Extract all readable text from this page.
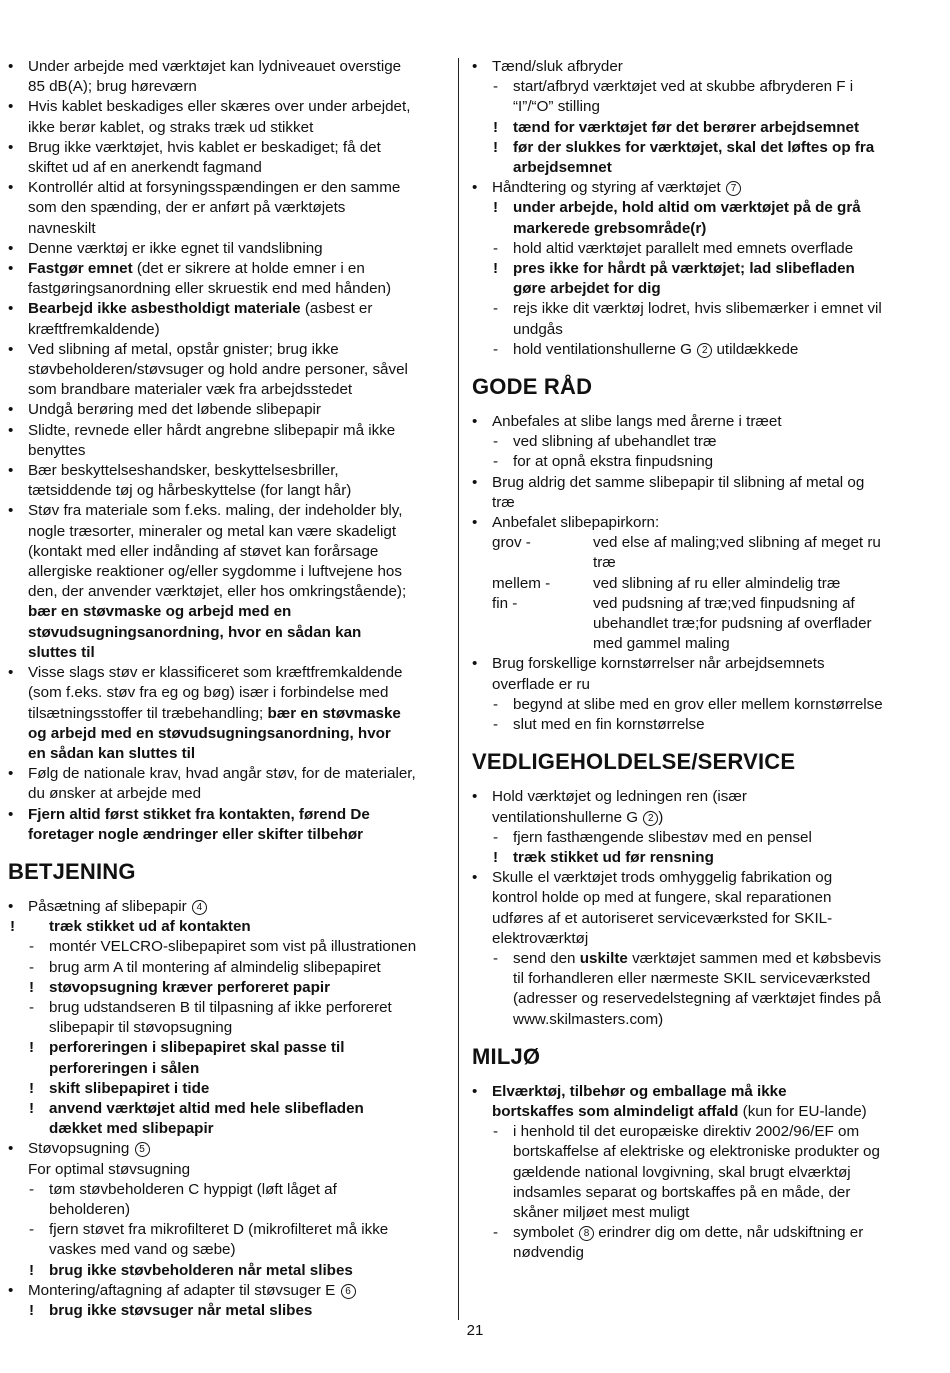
• Under arbejde med værktøjet kan lydniveauet overstige
85 dB(A); brug høreværn
• Hvis kablet beskadiges eller skæres over under arbejdet,
ikke berør kablet, og straks træk ud stikket
• Brug ikke værktøjet, hvis kablet er beskadiget; få det
skiftet ud af en anerkendt fagmand
• Kontrollér altid at forsyningsspændingen er den samme
som den spænding, der er anført på værktøjets
navneskilt
• Denne værktøj er ikke egnet til vandslibning
• Fastgør emnet (det er sikrere at holde emner i en
fastgøringsanordning eller skruestik end med hånden)
• Bearbejd ikke asbestholdigt materiale (asbest er
kræftfremkaldende)
• Ved slibning af metal, opstår gnister; brug ikke
støvbeholderen/støvsuger og hold andre personer, såvel
som brandbare materialer væk fra arbejdsstedet
• Undgå berøring med det løbende slibepapir
• Slidte, revnede eller hårdt angrebne slibepapir må ikke
benyttes
• Bær beskyttelseshandsker, beskyttelsesbriller,
tætsiddende tøj og hårbeskyttelse (for langt hår)
• Støv fra materiale som f.eks. maling, der indeholder bly,
nogle træsorter, mineraler og metal kan være skadeligt
(kontakt med eller indånding af støvet kan forårsage
allergiske reaktioner og/eller sygdomme i luftvejene hos
den, der anvender værktøjet, eller hos omkringstående);
bær en støvmaske og arbejd med en
støvudsugningsanordning, hvor en sådan kan
sluttes til
• Visse slags støv er klassificeret som kræftfremkaldende
(som f.eks. støv fra eg og bøg) især i forbindelse med
tilsætningsstoffer til træbehandling; bær en støvmaske
og arbejd med en støvudsugningsanordning, hvor
en sådan kan sluttes til
• Følg de nationale krav, hvad angår støv, for de materialer,
du ønsker at arbejde med
• Fjern altid først stikket fra kontakten, førend De
foretager nogle ændringer eller skifter tilbehør
BETJENING
• Påsætning af slibepapir 4
! træk stikket ud af kontakten
- montér VELCRO-slibepapiret som vist på illustrationen
- brug arm A til montering af almindelig slibepapiret
! støvopsugning kræver perforeret papir
- brug udstandseren B til tilpasning af ikke perforeret
slibepapir til støvopsugning
! perforeringen i slibepapiret skal passe til
perforeringen i sålen
! skift slibepapiret i tide
! anvend værktøjet altid med hele slibefladen
dækket med slibepapir
• Støvopsugning 5
For optimal støvsugning
- tøm støvbeholderen C hyppigt (løft låget af
beholderen)
- fjern støvet fra mikrofilteret D (mikrofilteret må ikke
vaskes med vand og sæbe)
! brug ikke støvbeholderen når metal slibes
• Montering/aftagning af adapter til støvsuger E 6
! brug ikke støvsuger når metal slibes
• Tænd/sluk afbryder
- start/afbryd værktøjet ved at skubbe afbryderen F i
“I”/“O” stilling
! tænd for værktøjet før det berører arbejdsemnet
! før der slukkes for værktøjet, skal det løftes op fra
arbejdsemnet
• Håndtering og styring af værktøjet 7
! under arbejde, hold altid om værktøjet på de grå
markerede grebsområde(r)
- hold altid værktøjet parallelt med emnets overflade
! pres ikke for hårdt på værktøjet; lad slibefladen
gøre arbejdet for dig
- rejs ikke dit værktøj lodret, hvis slibemærker i emnet vil
undgås
- hold ventilationshullerne G 2 utildækkede
GODE RÅD
• Anbefales at slibe langs med årerne i træet
- ved slibning af ubehandlet træ
- for at opnå ekstra finpudsning
• Brug aldrig det samme slibepapir til slibning af metal og
træ
• Anbefalet slibepapirkorn:
grov -	ved else af maling;ved slibning af meget ru
træ
mellem -	ved slibning af ru eller almindelig træ
fin -	ved pudsning af træ;ved finpudsning af
ubehandlet træ;for pudsning af overflader
med gammel maling
• Brug forskellige kornstørrelser når arbejdsemnets
overflade er ru
- begynd at slibe med en grov eller mellem kornstørrelse
- slut med en fin kornstørrelse
VEDLIGEHOLDELSE/SERVICE
• Hold værktøjet og ledningen ren (især
ventilationshullerne G 2 )
- fjern fasthængende slibestøv med en pensel
! træk stikket ud før rensning
• Skulle el værktøjet trods omhyggelig fabrikation og
kontrol holde op med at fungere, skal reparationen
udføres af et autoriseret serviceværksted for SKIL-
elektroværktøj
- send den uskilte værktøjet sammen med et købsbevis
til forhandleren eller nærmeste SKIL serviceværksted
(adresser og reservedelstegning af værktøjet findes på
www.skilmasters.com)
MILJØ
• Elværktøj, tilbehør og emballage må ikke
bortskaffes som almindeligt affald (kun for EU-lande)
- i henhold til det europæiske direktiv 2002/96/EF om
bortskaffelse af elektriske og elektroniske produkter og
gældende national lovgivning, skal brugt elværktøj
indsamles separat og bortskaffes på en måde, der
skåner miljøet mest muligt
- symbolet 8 erindrer dig om dette, når udskiftning er
nødvendig
21
